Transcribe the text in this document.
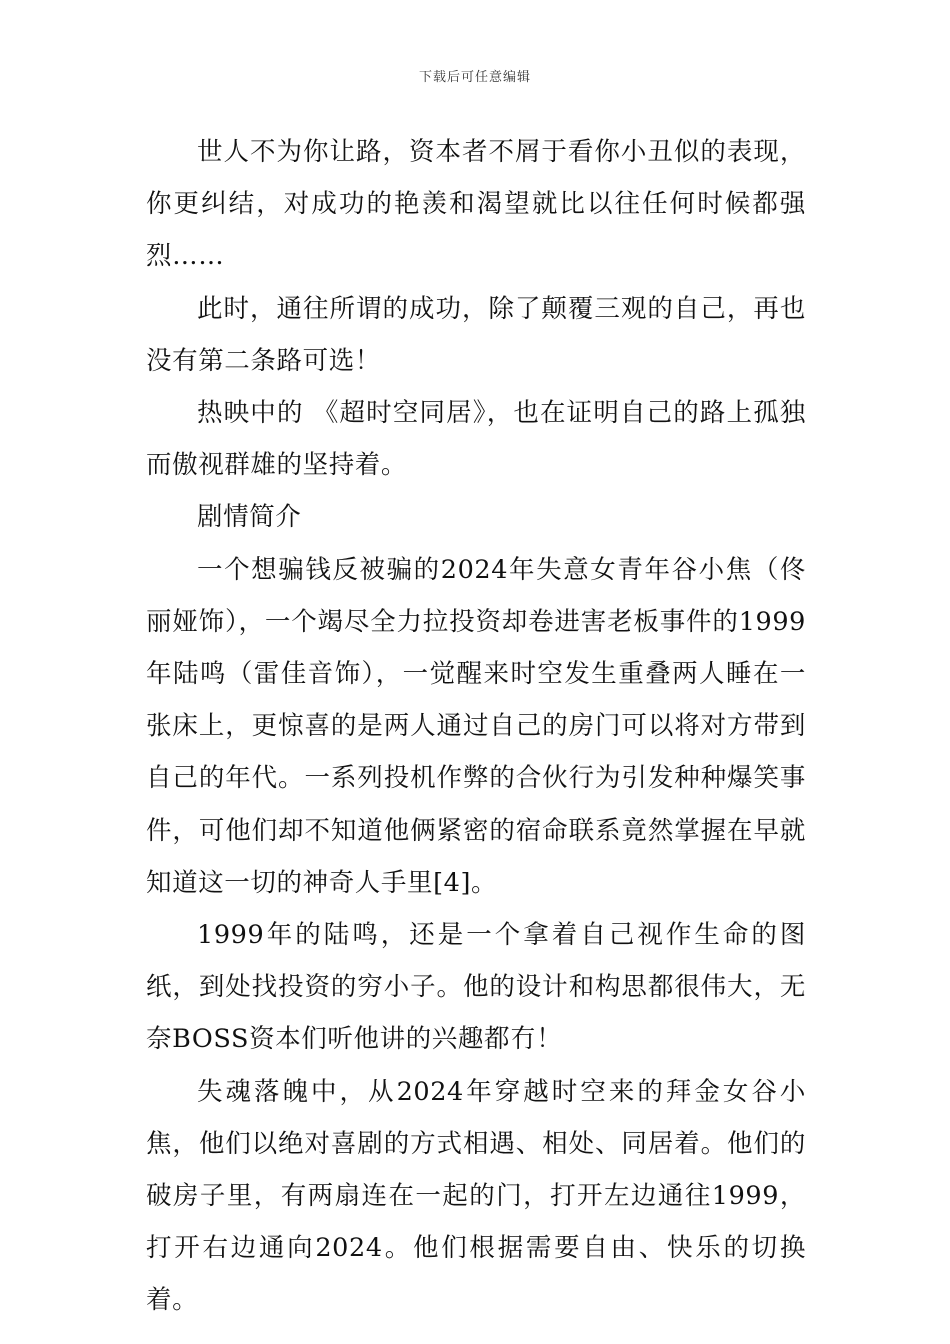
下载后可任意编辑

世人不为你让路，资本者不屑于看你小丑似的表现，你更纠结，对成功的艳羡和渴望就比以往任何时候都强烈……

此时，通往所谓的成功，除了颠覆三观的自己，再也没有第二条路可选！

热映中的 《超时空同居》，也在证明自己的路上孤独而傲视群雄的坚持着。

剧情简介

一个想骗钱反被骗的2024年失意女青年谷小焦（佟丽娅饰），一个竭尽全力拉投资却卷进害老板事件的1999年陆鸣（雷佳音饰），一觉醒来时空发生重叠两人睡在一张床上，更惊喜的是两人通过自己的房门可以将对方带到自己的年代。一系列投机作弊的合伙行为引发种种爆笑事件，可他们却不知道他俩紧密的宿命联系竟然掌握在早就知道这一切的神奇人手里[4]。

1999年的陆鸣，还是一个拿着自己视作生命的图纸，到处找投资的穷小子。他的设计和构思都很伟大，无奈BOSS资本们听他讲的兴趣都冇！

失魂落魄中，从2024年穿越时空来的拜金女谷小焦，他们以绝对喜剧的方式相遇、相处、同居着。他们的破房子里，有两扇连在一起的门，打开左边通往1999，打开右边通向2024。他们根据需要自由、快乐的切换着。
